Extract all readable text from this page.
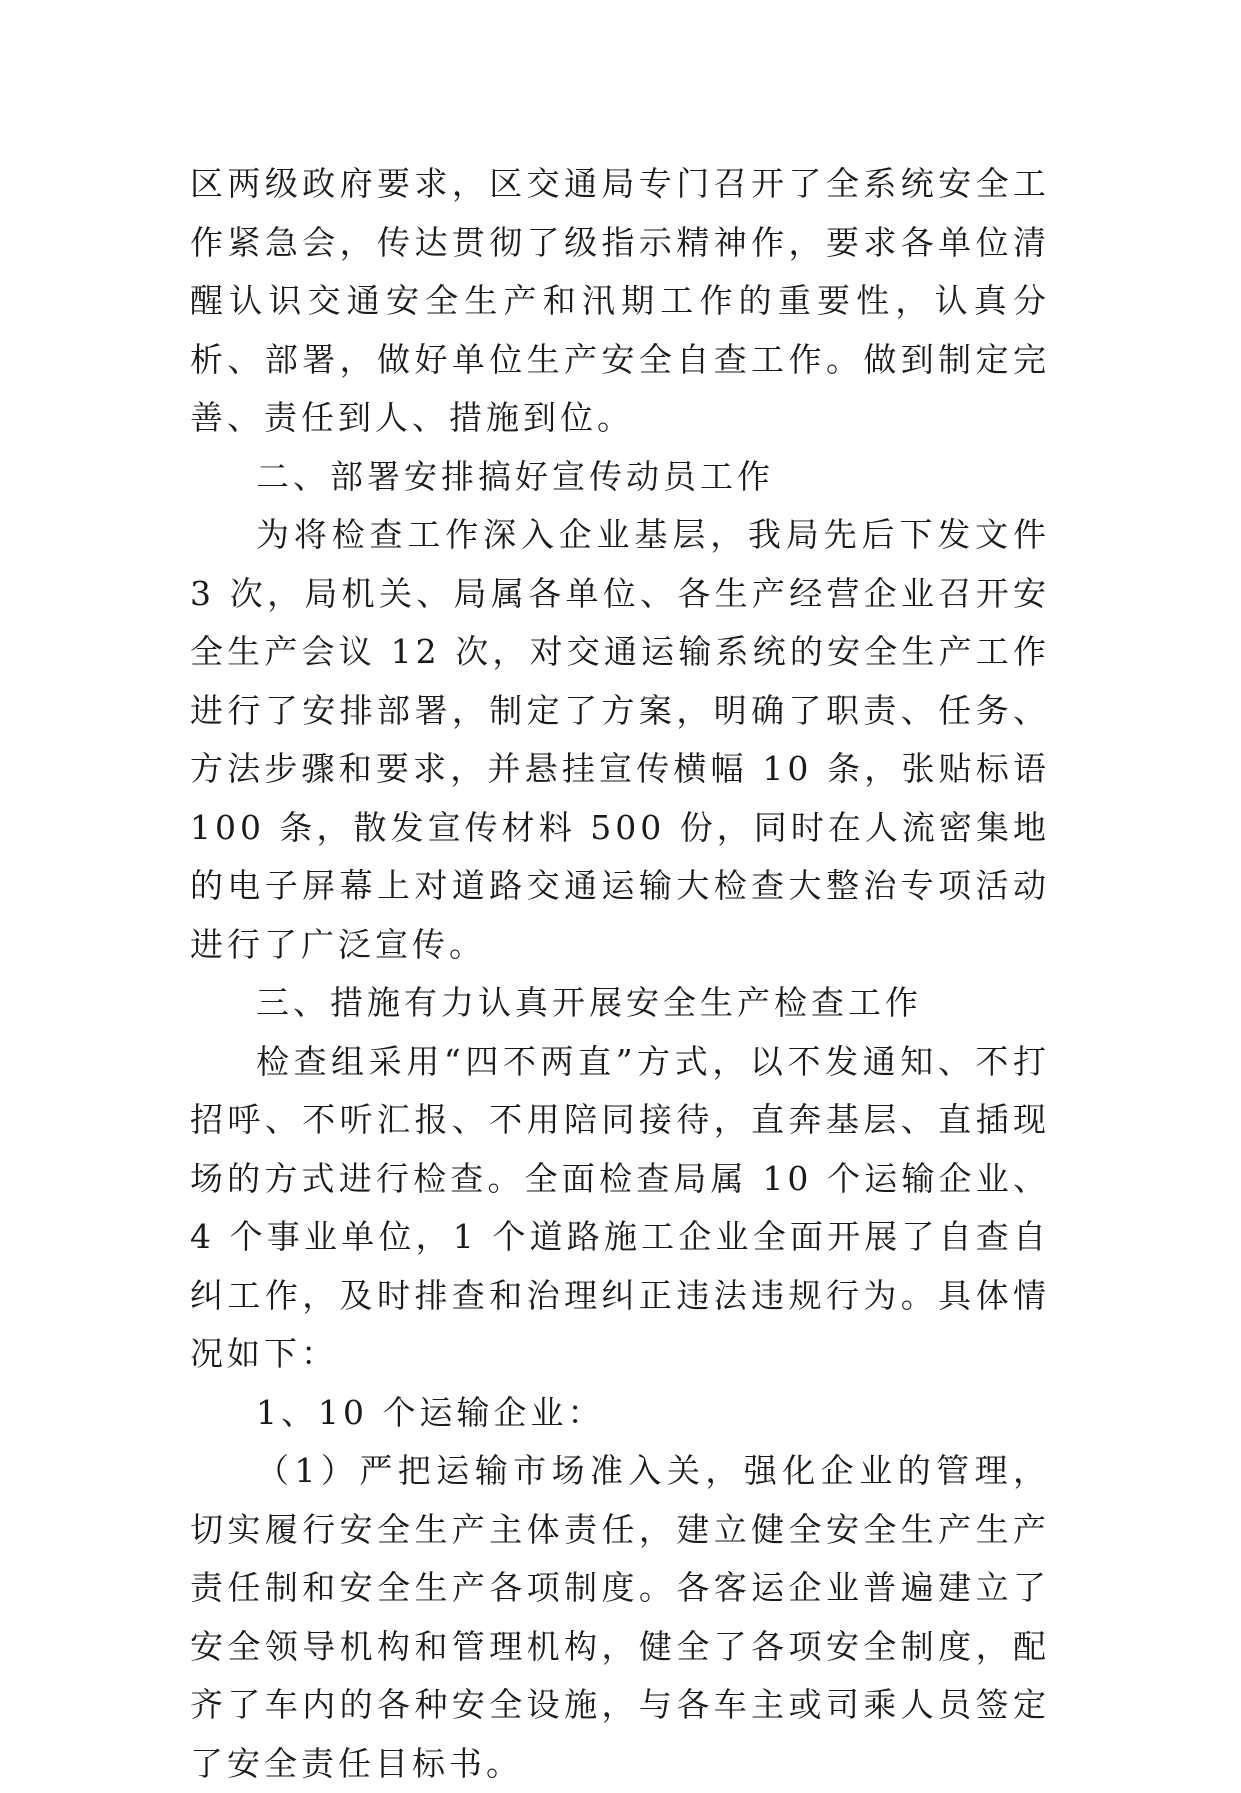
区两级政府要求，区交通局专门召开了全系统安全工作紧急会，传达贯彻了级指示精神作，要求各单位清醒认识交通安全生产和汛期工作的重要性，认真分析、部署，做好单位生产安全自查工作。做到制定完善、责任到人、措施到位。

二、部署安排搞好宣传动员工作

为将检查工作深入企业基层，我局先后下发文件 3 次，局机关、局属各单位、各生产经营企业召开安全生产会议 12 次，对交通运输系统的安全生产工作进行了安排部署，制定了方案，明确了职责、任务、方法步骤和要求，并悬挂宣传横幅 10 条，张贴标语 100 条，散发宣传材料 500 份，同时在人流密集地的电子屏幕上对道路交通运输大检查大整治专项活动进行了广泛宣传。

三、措施有力认真开展安全生产检查工作

检查组采用“四不两直”方式，以不发通知、不打招呼、不听汇报、不用陪同接待，直奔基层、直插现场的方式进行检查。全面检查局属 10 个运输企业、4 个事业单位，1 个道路施工企业全面开展了自查自纠工作，及时排查和治理纠正违法违规行为。具体情况如下：

1、10 个运输企业：

（1）严把运输市场准入关，强化企业的管理，切实履行安全生产主体责任，建立健全安全生产生产责任制和安全生产各项制度。各客运企业普遍建立了安全领导机构和管理机构，健全了各项安全制度，配齐了车内的各种安全设施，与各车主或司乘人员签定了安全责任目标书。
